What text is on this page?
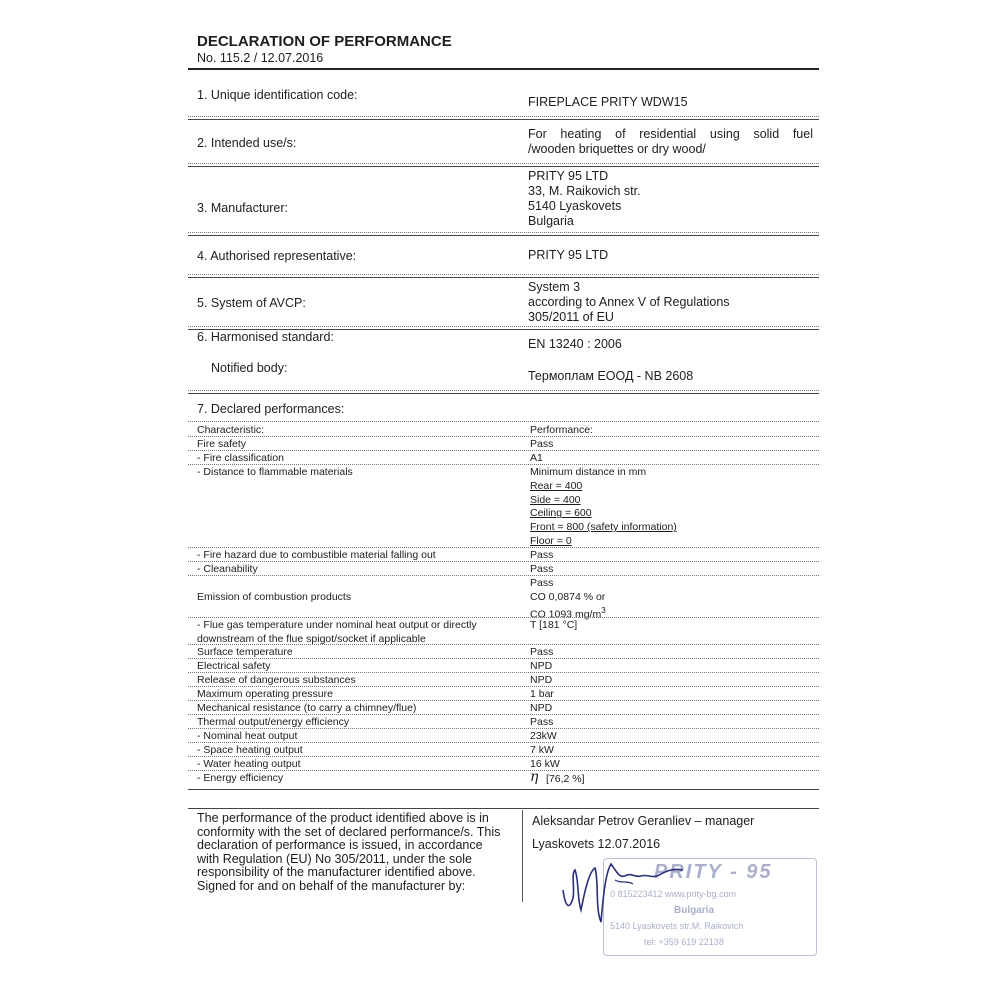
DECLARATION OF PERFORMANCE
No. 115.2 / 12.07.2016
1. Unique identification code:	FIREPLACE PRITY WDW15
2. Intended use/s:
For heating of residential using solid fuel
/wooden briquettes or dry wood/
3. Manufacturer:
PRITY 95 LTD
33, M. Raikovich str.
5140 Lyaskovets
Bulgaria
4. Authorised representative:	PRITY 95 LTD
5. System of AVCP:
System 3
according to Annex V of Regulations
305/2011 of EU
6. Harmonised standard:	EN 13240 : 2006
Notified body:
Термоплам ЕООД - NB 2608
7. Declared performances:
Characteristic:	Performance:
Fire safety	Pass
- Fire classification	A1
- Distance to flammable materials	Minimum distance in mm
Rear = 400
Side = 400
Ceiling = 600
Front = 800 (safety information)
Floor = 0
- Fire hazard due to combustible material falling out	Pass
- Cleanability	Pass
Emission of combustion products
Pass
CO 0,0874 % or
CO 1093 $mg/m^3$
- Flue gas temperature under nominal heat output or directly
downstream of the flue spigot/socket if applicable
T [181 °C]
Surface temperature	Pass
Electrical safety	NPD
Release of dangerous substances	NPD
Maximum operating pressure	1 bar
Mechanical resistance (to carry a chimney/flue)	NPD
Thermal output/energy efficiency	Pass
- Nominal heat output	23kW
- Space heating output	7 kW
- Water heating output	16 kW
- Energy efficiency	η [76,2 %]
The performance of the product identified above is in
conformity with the set of declared performance/s. This
declaration of performance is issued, in accordance
with Regulation (EU) No 305/2011, under the sole
responsibility of the manufacturer identified above.
Signed for and on behalf of the manufacturer by:
Aleksandar Petrov Geranliev – manager
Lyaskovets 12.07.2016
PRITY - 95
0 815223412 www.prity-bg.com
Bulgaria
5140 Lyaskovets str.M. Raikovich
tel: +359 619 22138
